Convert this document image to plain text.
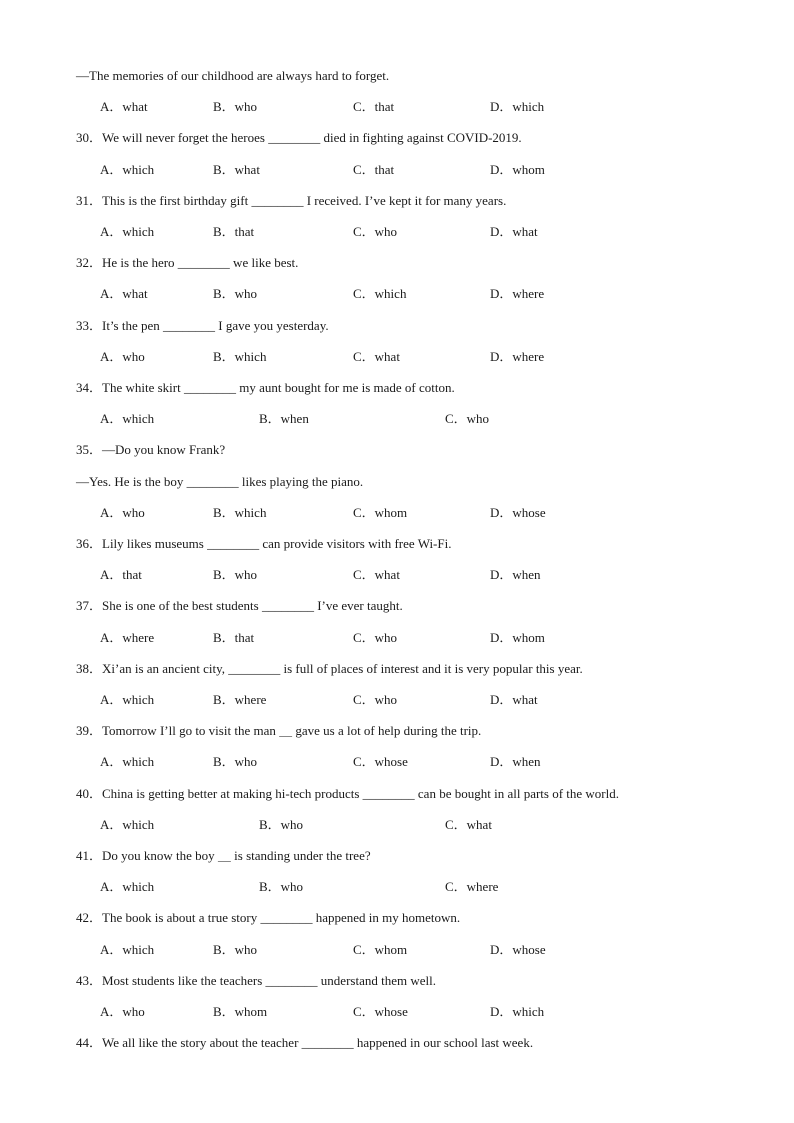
—The memories of our childhood are always hard to forget.
A．what	B．who	C．that	D．which
30．We will never forget the heroes ________ died in fighting against COVID-2019.
A．which	B．what	C．that	D．whom
31．This is the first birthday gift ________ I received. I’ve kept it for many years.
A．which	B．that	C．who	D．what
32．He is the hero ________ we like best.
A．what	B．who	C．which	D．where
33．It’s the pen ________ I gave you yesterday.
A．who	B．which	C．what	D．where
34．The white skirt ________ my aunt bought for me is made of cotton.
A．which	B．when	C．who
35．—Do you know Frank?
—Yes. He is the boy ________ likes playing the piano.
A．who	B．which	C．whom	D．whose
36．Lily likes museums ________ can provide visitors with free Wi-Fi.
A．that	B．who	C．what	D．when
37．She is one of the best students ________ I’ve ever taught.
A．where	B．that	C．who	D．whom
38．Xi’an is an ancient city, ________ is full of places of interest and it is very popular this year.
A．which	B．where	C．who	D．what
39．Tomorrow I’ll go to visit the man ＿ gave us a lot of help during the trip.
A．which	B．who	C．whose	D．when
40．China is getting better at making hi-tech products ________ can be bought in all parts of the world.
A．which	B．who	C．what
41．Do you know the boy ＿ is standing under the tree?
A．which	B．who	C．where
42．The book is about a true story ________ happened in my hometown.
A．which	B．who	C．whom	D．whose
43．Most students like the teachers ________ understand them well.
A．who	B．whom	C．whose	D．which
44．We all like the story about the teacher ________ happened in our school last week.
